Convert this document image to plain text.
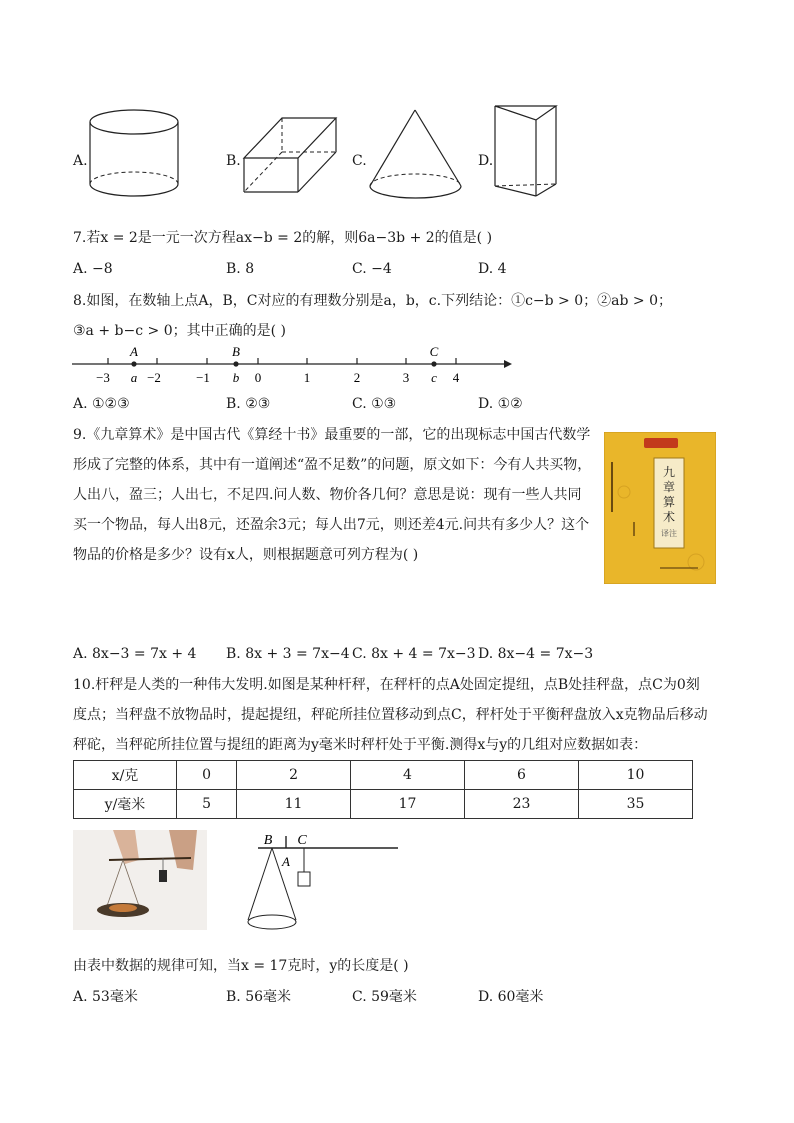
A.	B.	C.	D.
7.若x = 2是一元一次方程ax−b = 2的解，则6a−3b + 2的值是( )
A. −8	B. 8	C. −4	D. 4
8.如图，在数轴上点A，B，C对应的有理数分别是a，b，c.下列结论：①c−b > 0；②ab > 0；
③a + b−c > 0；其中正确的是( )
A	B	C
−3 a −2	−1 b 0	1	2	3 c 4
A. ①②③	B. ②③	C. ①③	D. ①②
9.《九章算术》是中国古代《算经十书》最重要的一部，它的出现标志中国古代数学形成了完整的体系，其中有一道阐述“盈不足数”的问题，原文如下：今有人共买物，人出八，盈三；人出七，不足四.问人数、物价各几何？意思是说：现有一些人共同买一个物品，每人出8元，还盈余3元；每人出7元，则还差4元.问共有多少人？这个物品的价格是多少？设有x人，则根据题意可列方程为( )
九
章
算
术
译注
A. 8x−3 = 7x + 4 B. 8x + 3 = 7x−4 C. 8x + 4 = 7x−3 D. 8x−4 = 7x−3
10.杆秤是人类的一种伟大发明.如图是某种杆秤，在秤杆的点A处固定提纽，点B处挂秤盘，点C为0刻度点；当秤盘不放物品时，提起提纽，秤砣所挂位置移动到点C，秤杆处于平衡秤盘放入x克物品后移动秤砣，当秤砣所挂位置与提纽的距离为y毫米时秤杆处于平衡.测得x与y的几组对应数据如表：
x/克	0	2	4	6	10
y/毫米	5	11	17	23	35
B C
A
由表中数据的规律可知，当x = 17克时，y的长度是( )
A. 53毫米	B. 56毫米	C. 59毫米	D. 60毫米
